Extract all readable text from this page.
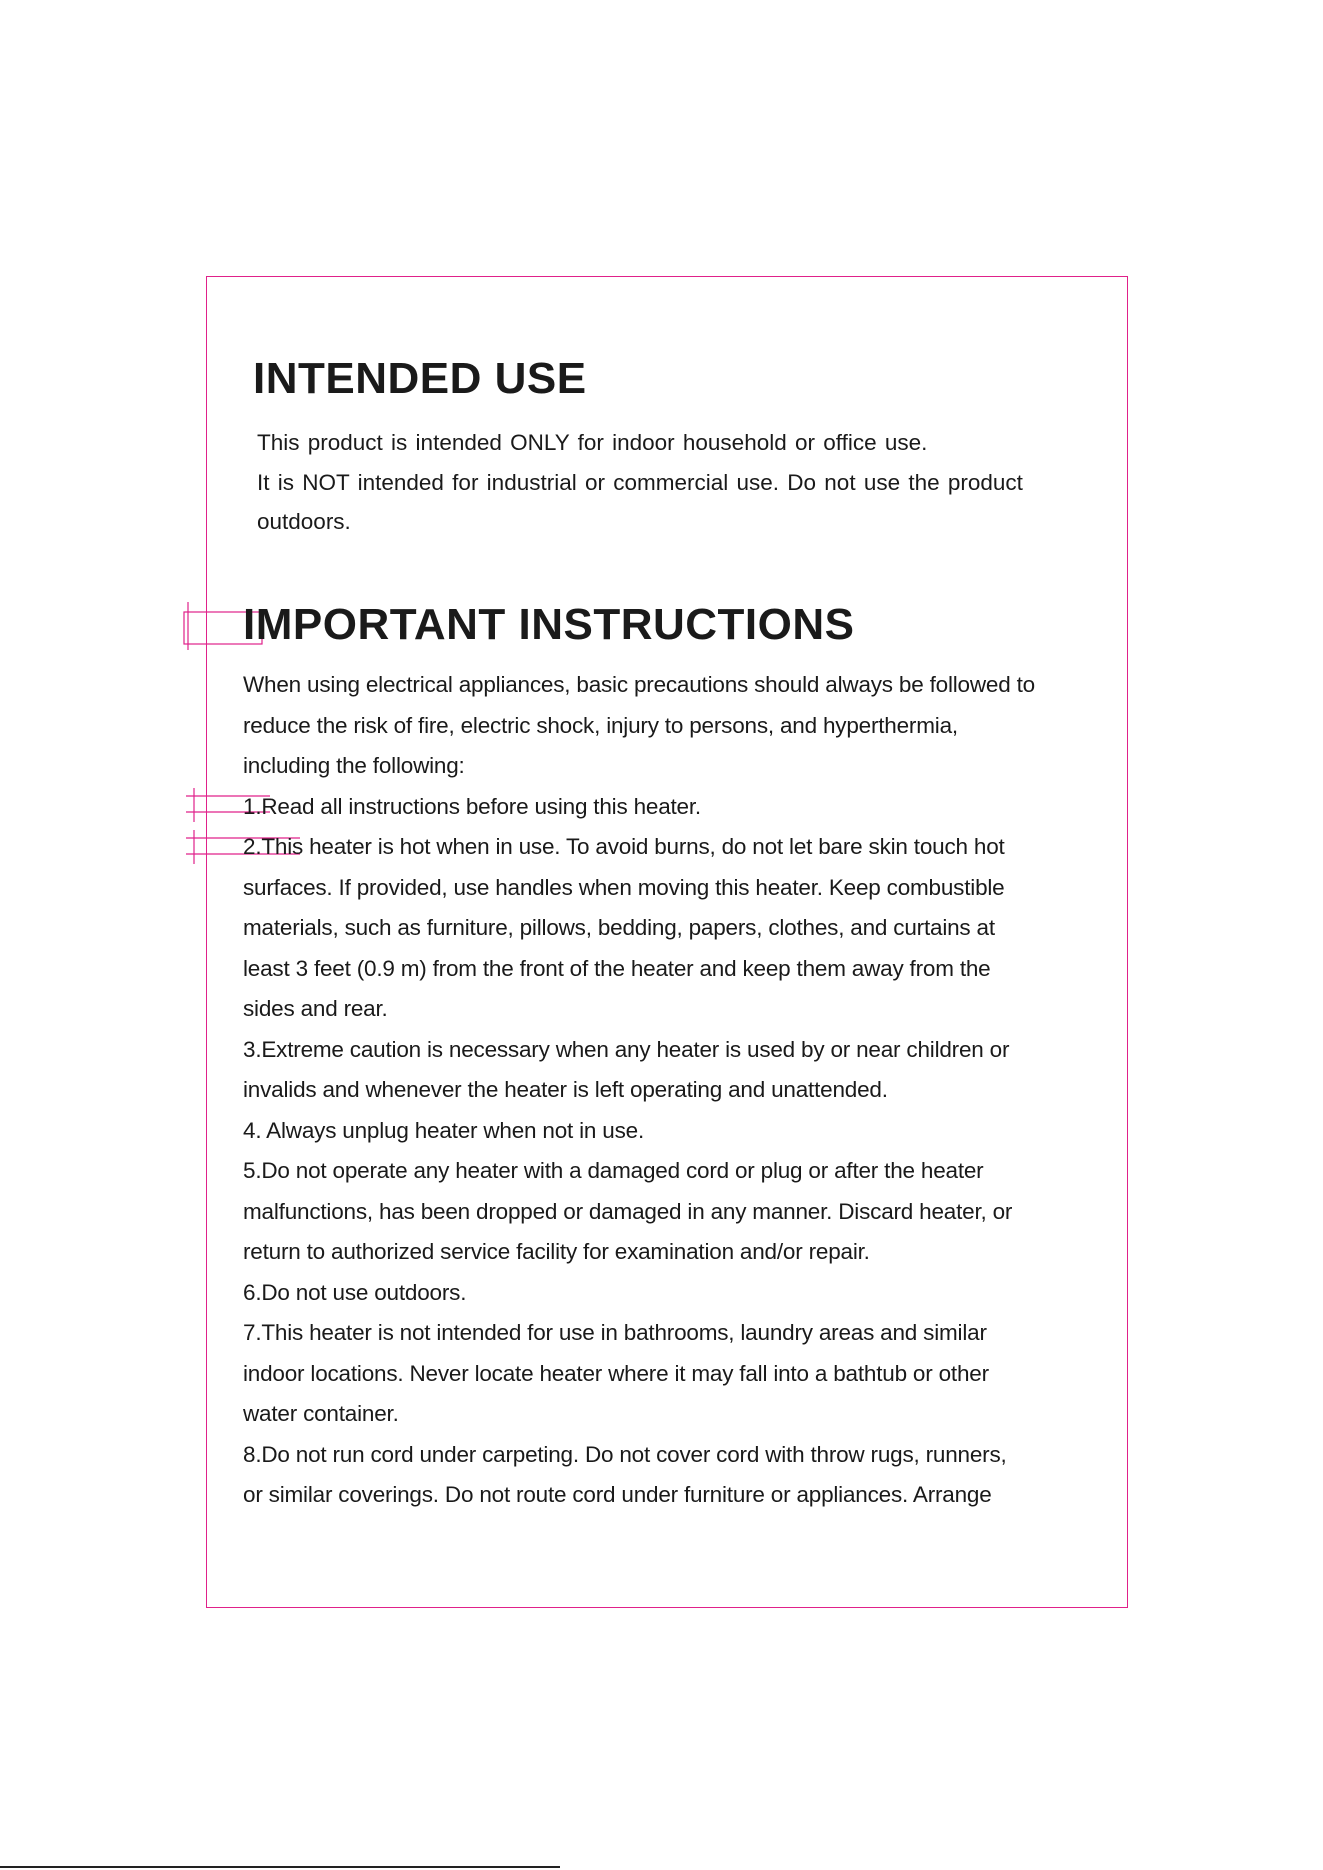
INTENDED USE

This product is intended ONLY for indoor household or office use.

It is NOT intended for industrial or commercial use. Do not use the product

outdoors.

IMPORTANT INSTRUCTIONS

When using electrical appliances, basic precautions should always be followed to

reduce the risk of fire, electric shock, injury to persons, and hyperthermia,

including the following:

1.Read all instructions before using this heater.

2.This heater is hot when in use. To avoid burns, do not let bare skin touch hot

surfaces. If provided, use handles when moving this heater. Keep combustible

materials, such as furniture, pillows, bedding, papers, clothes, and curtains at

least 3 feet (0.9 m) from the front of the heater and keep them away from the

sides and rear.

3.Extreme caution is necessary when any heater is used by or near children or

invalids and whenever the heater is left operating and unattended.

4. Always unplug heater when not in use.

5.Do not operate any heater with a damaged cord or plug or after the heater

malfunctions, has been dropped or damaged in any manner. Discard heater, or

return to authorized service facility for examination and/or repair.

6.Do not use outdoors.

7.This heater is not intended for use in bathrooms, laundry areas and similar

indoor locations. Never locate heater where it may fall into a bathtub or other

water container.

8.Do not run cord under carpeting. Do not cover cord with throw rugs, runners,

or similar coverings. Do not route cord under furniture or appliances. Arrange
